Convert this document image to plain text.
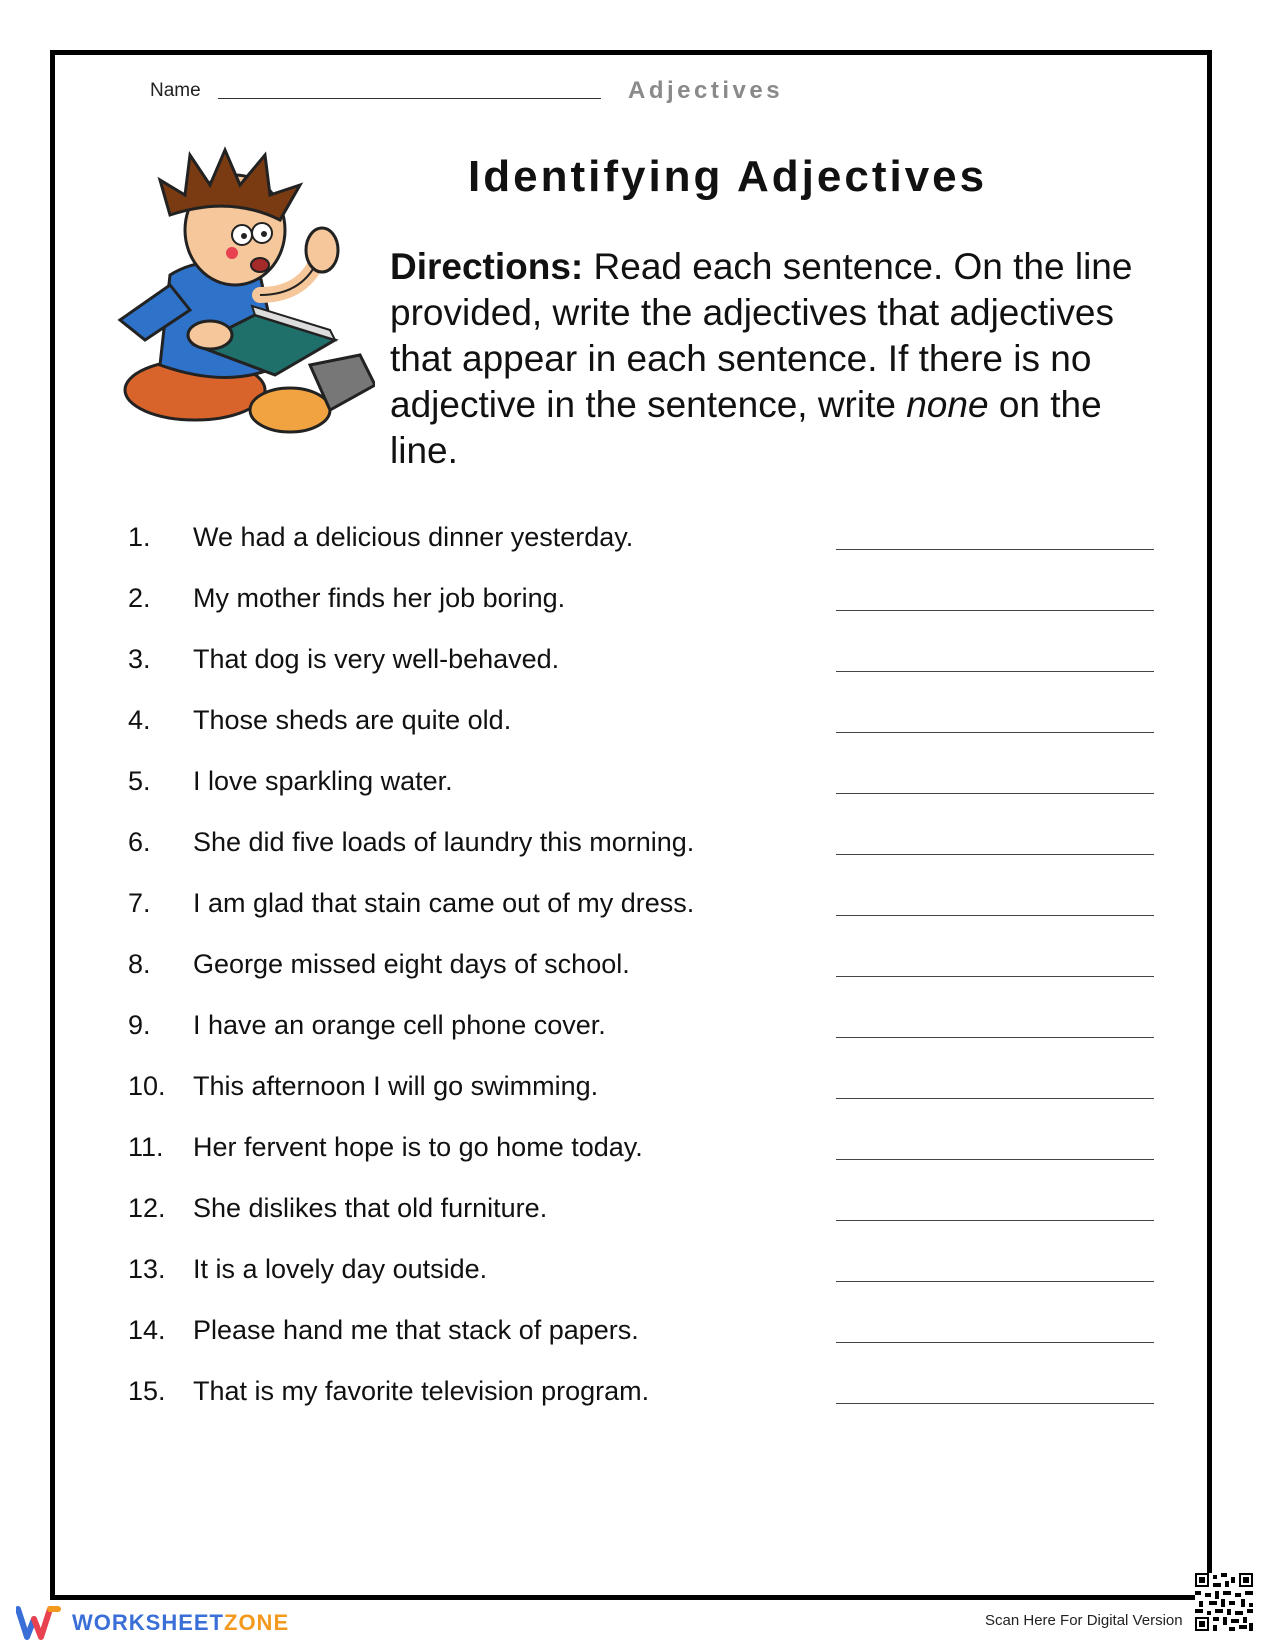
Name	Adjectives
Identifying Adjectives
Directions: Read each sentence. On the line provided, write the adjectives that adjectives that appear in each sentence. If there is no adjective in the sentence, write none on the line.
1. We had a delicious dinner yesterday.
2. My mother finds her job boring.
3. That dog is very well-behaved.
4. Those sheds are quite old.
5. I love sparkling water.
6. She did five loads of laundry this morning.
7. I am glad that stain came out of my dress.
8. George missed eight days of school.
9. I have an orange cell phone cover.
10. This afternoon I will go swimming.
11. Her fervent hope is to go home today.
12. She dislikes that old furniture.
13. It is a lovely day outside.
14. Please hand me that stack of papers.
15. That is my favorite television program.
WORKSHEETZONE	Scan Here For Digital Version
